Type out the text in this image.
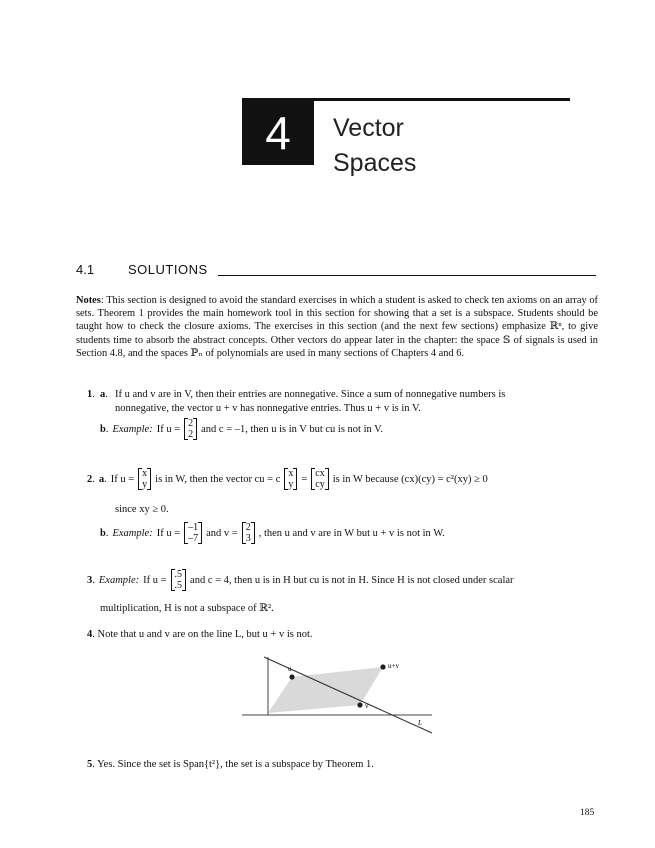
4	Vector
Spaces
4.1	SOLUTIONS
Notes: This section is designed to avoid the standard exercises in which a student is asked to check ten axioms on an array of sets. Theorem 1 provides the main homework tool in this section for showing that a set is a subspace. Students should be taught how to check the closure axioms. The exercises in this section (and the next few sections) emphasize ℝⁿ, to give students time to absorb the abstract concepts. Other vectors do appear later in the chapter: the space 𝕊 of signals is used in Section 4.8, and the spaces ℙₙ of polynomials are used in many sections of Chapters 4 and 6.
1. a. If u and v are in V, then their entries are nonnegative. Since a sum of nonnegative numbers is
nonnegative, the vector u + v has nonnegative entries. Thus u + v is in V.
b. Example: If u = 2
2 and c = –1, then u is in V but cu is not in V.
2. a. If u = x
y is in W, then the vector cu = c x
y = cx
cy is in W because (cx)(cy) = c²(xy) ≥ 0
since xy ≥ 0.
b. Example: If u = –1
–7 and v = 2
3 , then u and v are in W but u + v is not in W.
3. Example: If u = .5
.5 and c = 4, then u is in H but cu is not in H. Since H is not closed under scalar
multiplication, H is not a subspace of ℝ².
4. Note that u and v are on the line L, but u + v is not.
u
v
u+v
L
5. Yes. Since the set is Span{t²}, the set is a subspace by Theorem 1.
185
